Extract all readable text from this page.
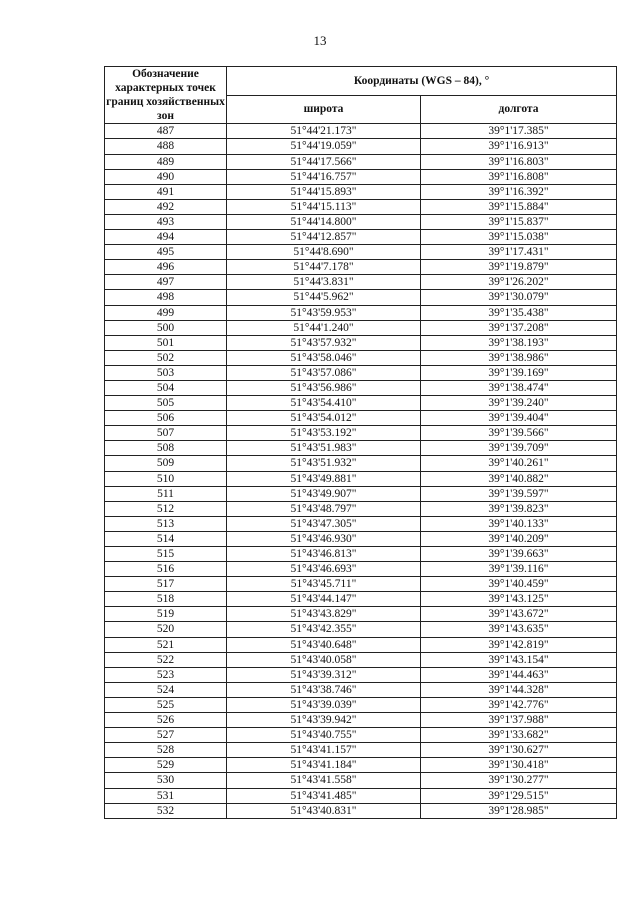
13
Обозначение характерных точек границ хозяйственных зон	Координаты (WGS – 84), °	
	широта	долгота
487	51°44'21.173"	39°1'17.385"
488	51°44'19.059"	39°1'16.913"
489	51°44'17.566"	39°1'16.803"
490	51°44'16.757"	39°1'16.808"
491	51°44'15.893"	39°1'16.392"
492	51°44'15.113"	39°1'15.884"
493	51°44'14.800"	39°1'15.837"
494	51°44'12.857"	39°1'15.038"
495	51°44'8.690"	39°1'17.431"
496	51°44'7.178"	39°1'19.879"
497	51°44'3.831"	39°1'26.202"
498	51°44'5.962"	39°1'30.079"
499	51°43'59.953"	39°1'35.438"
500	51°44'1.240"	39°1'37.208"
501	51°43'57.932"	39°1'38.193"
502	51°43'58.046"	39°1'38.986"
503	51°43'57.086"	39°1'39.169"
504	51°43'56.986"	39°1'38.474"
505	51°43'54.410"	39°1'39.240"
506	51°43'54.012"	39°1'39.404"
507	51°43'53.192"	39°1'39.566"
508	51°43'51.983"	39°1'39.709"
509	51°43'51.932"	39°1'40.261"
510	51°43'49.881"	39°1'40.882"
511	51°43'49.907"	39°1'39.597"
512	51°43'48.797"	39°1'39.823"
513	51°43'47.305"	39°1'40.133"
514	51°43'46.930"	39°1'40.209"
515	51°43'46.813"	39°1'39.663"
516	51°43'46.693"	39°1'39.116"
517	51°43'45.711"	39°1'40.459"
518	51°43'44.147"	39°1'43.125"
519	51°43'43.829"	39°1'43.672"
520	51°43'42.355"	39°1'43.635"
521	51°43'40.648"	39°1'42.819"
522	51°43'40.058"	39°1'43.154"
523	51°43'39.312"	39°1'44.463"
524	51°43'38.746"	39°1'44.328"
525	51°43'39.039"	39°1'42.776"
526	51°43'39.942"	39°1'37.988"
527	51°43'40.755"	39°1'33.682"
528	51°43'41.157"	39°1'30.627"
529	51°43'41.184"	39°1'30.418"
530	51°43'41.558"	39°1'30.277"
531	51°43'41.485"	39°1'29.515"
532	51°43'40.831"	39°1'28.985"
